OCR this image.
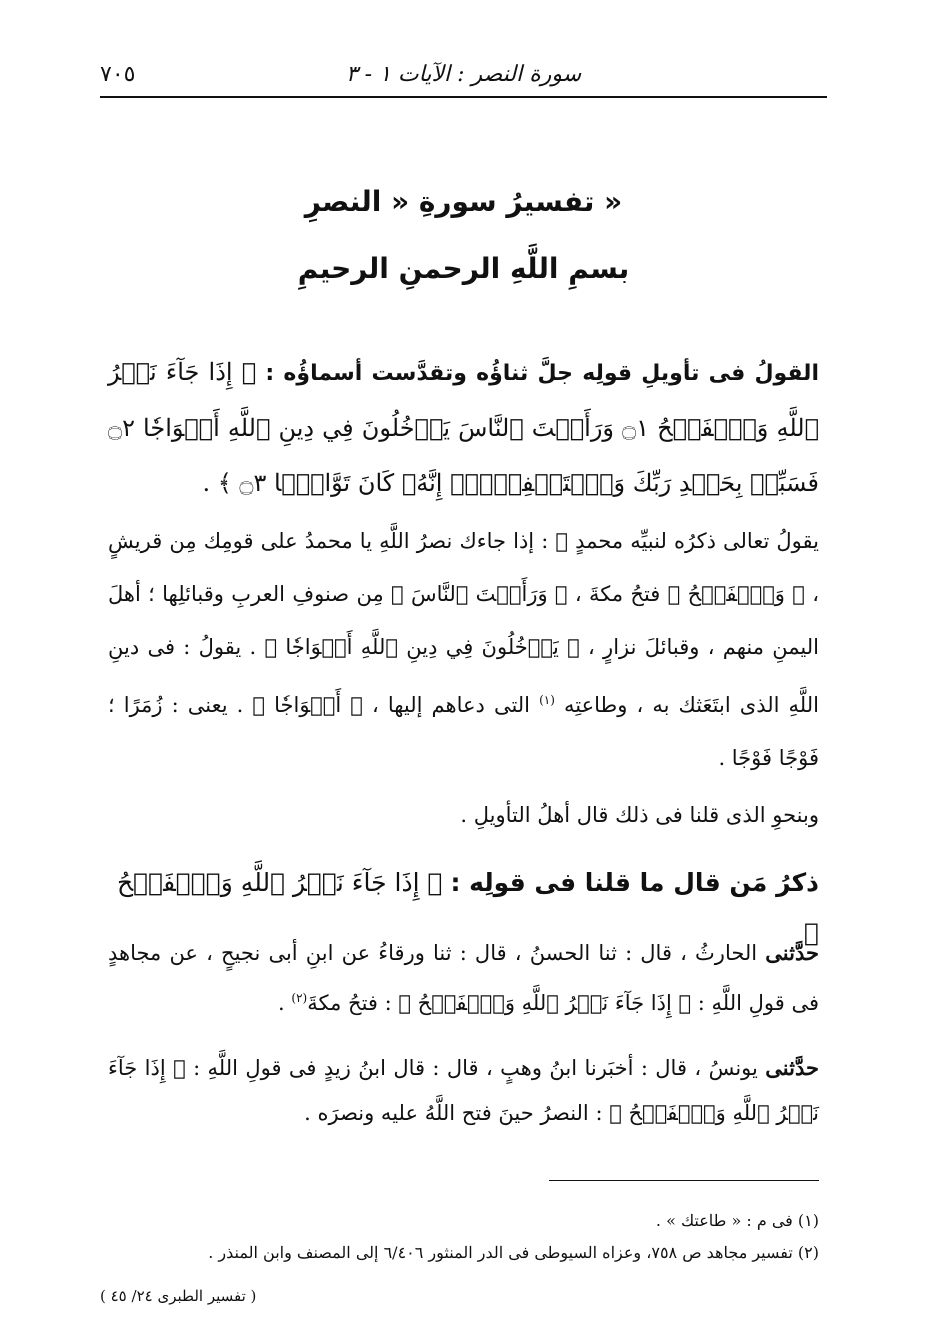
سورة النصر : الآيات ١ - ٣
٧٠٥
تفسيرُ سورةِ « النصرِ »
بسمِ اللَّهِ الرحمنِ الرحيمِ
القولُ فى تأويلِ قولِه جلَّ ثناؤُه وتقدَّست أسماؤُه : ﴿ إِذَا جَآءَ نَصۡرُ ٱللَّهِ وَٱلۡفَتۡحُ ۝١ وَرَأَيۡتَ ٱلنَّاسَ يَدۡخُلُونَ فِي دِينِ ٱللَّهِ أَفۡوَاجٗا ۝٢ فَسَبِّحۡ بِحَمۡدِ رَبِّكَ وَٱسۡتَغۡفِرۡهُۚ إِنَّهُۥ كَانَ تَوَّابَۢا ۝٣ ﴾ .

يقولُ تعالى ذكرُه لنبيِّه محمدٍ ﷺ : إذا جاءك نصرُ اللَّهِ يا محمدُ على قومِك مِن قريشٍ ، ﴿ وَٱلۡفَتۡحُ ﴾ فتحُ مكةَ ، ﴿ وَرَأَيۡتَ ٱلنَّاسَ ﴾ مِن صنوفِ العربِ وقبائلِها ؛ أهلَ اليمنِ منهم ، وقبائلَ نزارٍ ، ﴿ يَدۡخُلُونَ فِي دِينِ ٱللَّهِ أَفۡوَاجٗا ﴾ . يقولُ : فى دينِ اللَّهِ الذى ابتَعَثك به ، وطاعتِه $^{(١)}$ التى دعاهم إليها ، ﴿ أَفۡوَاجٗا ﴾ . يعنى : زُمَرًا ؛ فَوْجًا فَوْجًا .

وبنحوِ الذى قلنا فى ذلك قال أهلُ التأويلِ .
ذكرُ مَن قال ما قلنا فى قولِه : ﴿ إِذَا جَآءَ نَصۡرُ ٱللَّهِ وَٱلۡفَتۡحُ ﴾
حدَّثنى الحارثُ ، قال : ثنا الحسنُ ، قال : ثنا ورقاءُ عن ابنِ أبى نجيحٍ ، عن مجاهدٍ فى قولِ اللَّهِ : ﴿ إِذَا جَآءَ نَصۡرُ ٱللَّهِ وَٱلۡفَتۡحُ ﴾ : فتحُ مكةَ$^{(٢)}$ .
حدَّثنى يونسُ ، قال : أخبَرنا ابنُ وهبٍ ، قال : قال ابنُ زيدٍ فى قولِ اللَّهِ : ﴿ إِذَا جَآءَ نَصۡرُ ٱللَّهِ وَٱلۡفَتۡحُ ﴾ : النصرُ حينَ فتح اللَّهُ عليه ونصرَه .
(١) فى م : « طاعتك » .
(٢) تفسير مجاهد ص ٧٥٨، وعزاه السيوطى فى الدر المنثور ٦/٤٠٦ إلى المصنف وابن المنذر .
( تفسير الطبرى ٢٤/ ٤٥ )
